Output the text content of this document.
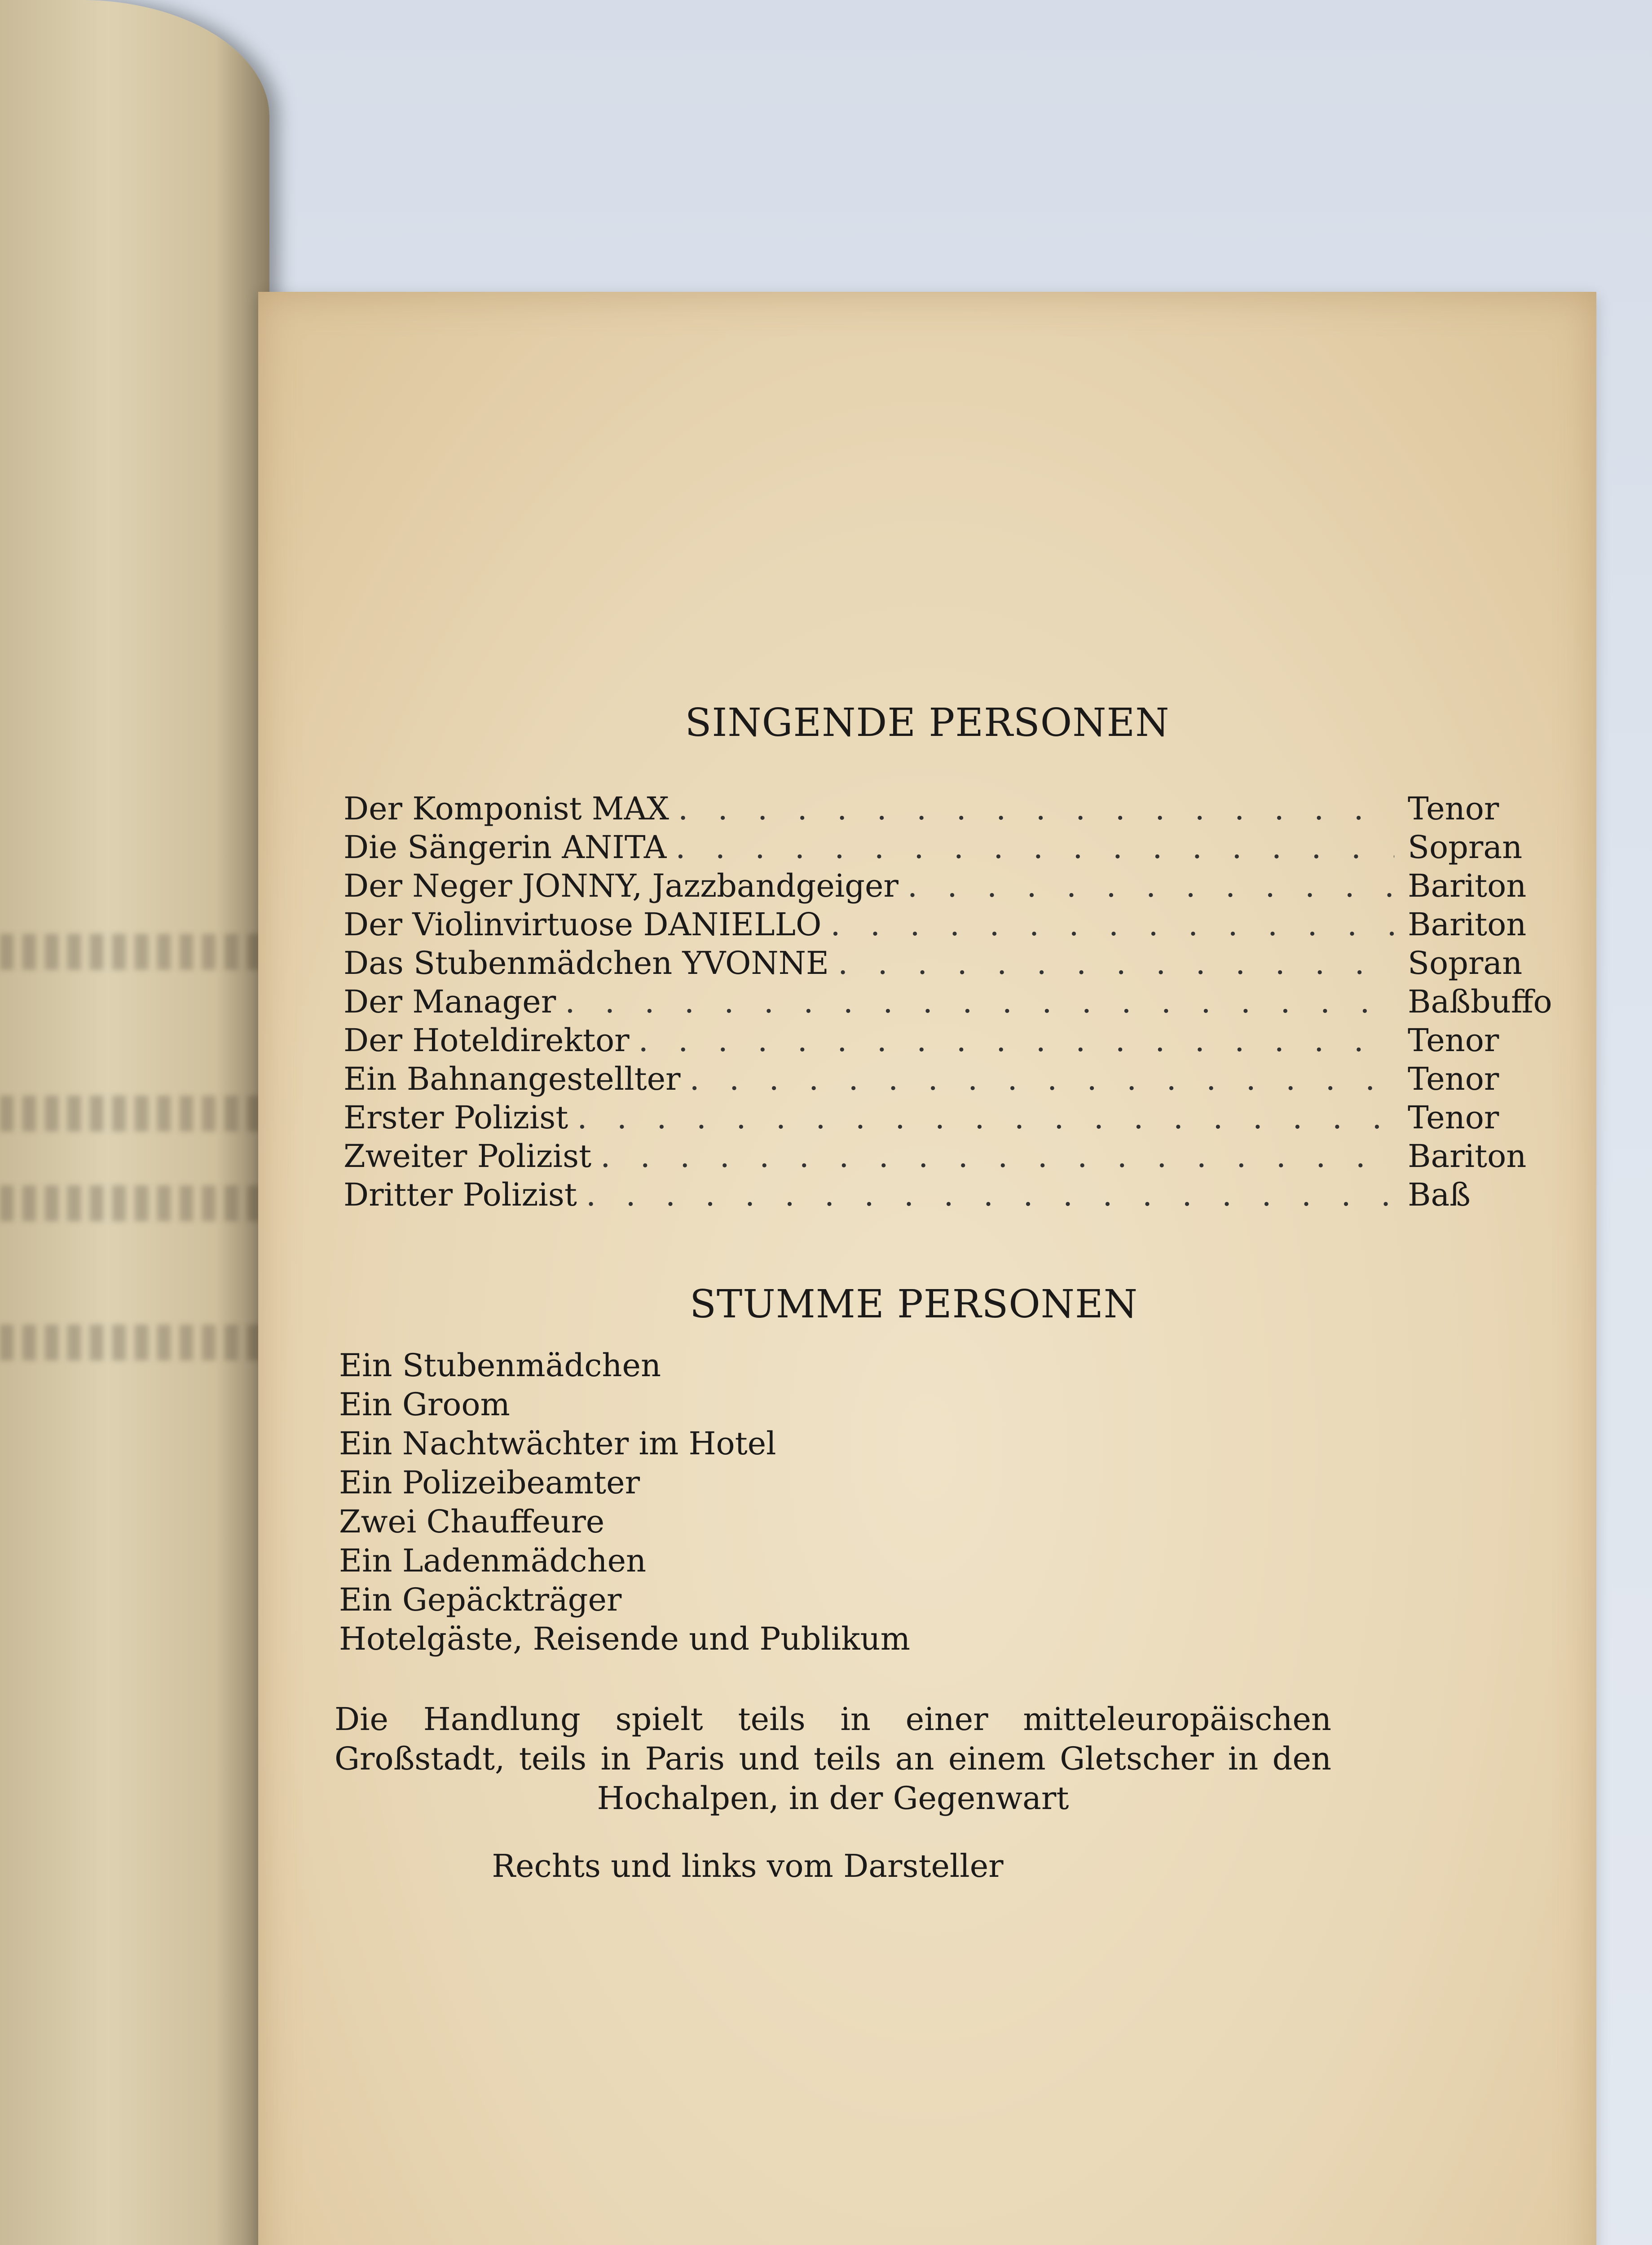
SINGENDE PERSONEN
Der Komponist MAX . . .	Tenor
Die Sängerin ANITA . . .	Sopran
Der Neger JONNY, Jazzbandgeiger . . .	Bariton
Der Violinvirtuose DANIELLO . . .	Bariton
Das Stubenmädchen YVONNE . . .	Sopran
Der Manager . . .	Baßbuffo
Der Hoteldirektor . . .	Tenor
Ein Bahnangestellter . . .	Tenor
Erster Polizist . . .	Tenor
Zweiter Polizist . . .	Bariton
Dritter Polizist . . .	Baß
STUMME PERSONEN
Ein Stubenmädchen
Ein Groom
Ein Nachtwächter im Hotel
Ein Polizeibeamter
Zwei Chauffeure
Ein Ladenmädchen
Ein Gepäckträger
Hotelgäste, Reisende und Publikum
Die Handlung spielt teils in einer mitteleuropäischen Großstadt, teils in Paris und teils an einem Gletscher in den Hochalpen, in der Gegenwart
Rechts und links vom Darsteller
